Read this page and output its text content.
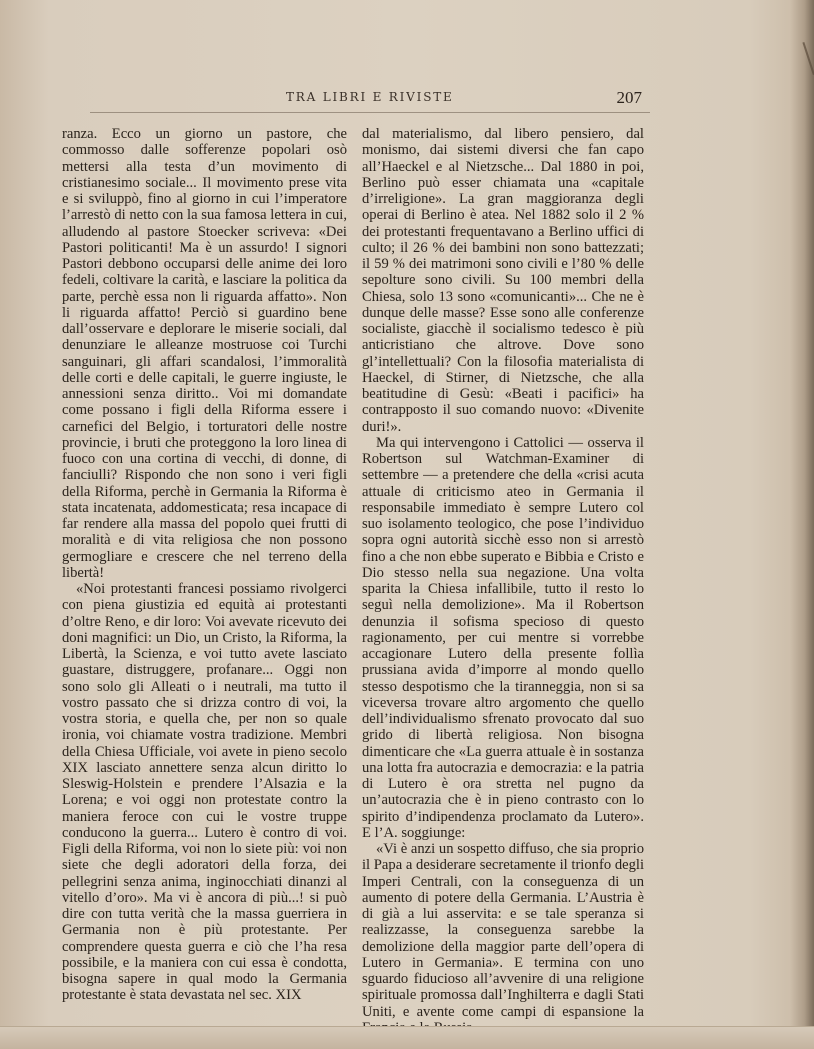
TRA LIBRI E RIVISTE	207

ranza. Ecco un giorno un pastore, che commosso dalle sofferenze popolari osò mettersi alla testa d’un movimento di cristianesimo sociale... Il movimento prese vita e si sviluppò, fino al giorno in cui l’imperatore l’arrestò di netto con la sua famosa lettera in cui, alludendo al pastore Stoecker scriveva: «Dei Pastori politicanti! Ma è un assurdo! I signori Pastori debbono occuparsi delle anime dei loro fedeli, coltivare la carità, e lasciare la politica da parte, perchè essa non li riguarda affatto». Non li riguarda affatto! Perciò si guardino bene dall’osservare e deplorare le miserie sociali, dal denunziare le alleanze mostruose coi Turchi sanguinari, gli affari scandalosi, l’immoralità delle corti e delle capitali, le guerre ingiuste, le annessioni senza diritto.. Voi mi domandate come possano i figli della Riforma essere i carnefici del Belgio, i torturatori delle nostre provincie, i bruti che proteggono la loro linea di fuoco con una cortina di vecchi, di donne, di fanciulli? Rispondo che non sono i veri figli della Riforma, perchè in Germania la Riforma è stata incatenata, addomesticata; resa incapace di far rendere alla massa del popolo quei frutti di moralità e di vita religiosa che non possono germogliare e crescere che nel terreno della libertà!

«Noi protestanti francesi possiamo rivolgerci con piena giustizia ed equità ai protestanti d’oltre Reno, e dir loro: Voi avevate ricevuto dei doni magnifici: un Dio, un Cristo, la Riforma, la Libertà, la Scienza, e voi tutto avete lasciato guastare, distruggere, profanare... Oggi non sono solo gli Alleati o i neutrali, ma tutto il vostro passato che si drizza contro di voi, la vostra storia, e quella che, per non so quale ironia, voi chiamate vostra tradizione. Membri della Chiesa Ufficiale, voi avete in pieno secolo XIX lasciato annettere senza alcun diritto lo Sleswig-Holstein e prendere l’Alsazia e la Lorena; e voi oggi non protestate contro la maniera feroce con cui le vostre truppe conducono la guerra... Lutero è contro di voi. Figli della Riforma, voi non lo siete più: voi non siete che degli adoratori della forza, dei pellegrini senza anima, inginocchiati dinanzi al vitello d’oro». Ma vi è ancora di più...! si può dire con tutta verità che la massa guerriera in Germania non è più protestante. Per comprendere questa guerra e ciò che l’ha resa possibile, e la maniera con cui essa è condotta, bisogna sapere in qual modo la Germania protestante è stata devastata nel sec. XIX

dal materialismo, dal libero pensiero, dal monismo, dai sistemi diversi che fan capo all’Haeckel e al Nietzsche... Dal 1880 in poi, Berlino può esser chiamata una «capitale d’irreligione». La gran maggioranza degli operai di Berlino è atea. Nel 1882 solo il 2 % dei protestanti frequentavano a Berlino uffici di culto; il 26 % dei bambini non sono battezzati; il 59 % dei matrimoni sono civili e l’80 % delle sepolture sono civili. Su 100 membri della Chiesa, solo 13 sono «comunicanti»... Che ne è dunque delle masse? Esse sono alle conferenze socialiste, giacchè il socialismo tedesco è più anticristiano che altrove. Dove sono gl’intellettuali? Con la filosofia materialista di Haeckel, di Stirner, di Nietzsche, che alla beatitudine di Gesù: «Beati i pacifici» ha contrapposto il suo comando nuovo: «Divenite duri!».

Ma qui intervengono i Cattolici — osserva il Robertson sul Watchman-Examiner di settembre — a pretendere che della «crisi acuta attuale di criticismo ateo in Germania il responsabile immediato è sempre Lutero col suo isolamento teologico, che pose l’individuo sopra ogni autorità sicchè esso non si arrestò fino a che non ebbe superato e Bibbia e Cristo e Dio stesso nella sua negazione. Una volta sparita la Chiesa infallibile, tutto il resto lo seguì nella demolizione». Ma il Robertson denunzia il sofisma specioso di questo ragionamento, per cui mentre si vorrebbe accagionare Lutero della presente follìa prussiana avida d’imporre al mondo quello stesso despotismo che la tiranneggia, non si sa viceversa trovare altro argomento che quello dell’individualismo sfrenato provocato dal suo grido di libertà religiosa. Non bisogna dimenticare che «La guerra attuale è in sostanza una lotta fra autocrazia e democrazia: e la patria di Lutero è ora stretta nel pugno da un’autocrazia che è in pieno contrasto con lo spirito d’indipendenza proclamato da Lutero». E l’A. soggiunge:

«Vi è anzi un sospetto diffuso, che sia proprio il Papa a desiderare secretamente il trionfo degli Imperi Centrali, con la conseguenza di un aumento di potere della Germania. L’Austria è di già a lui asservita: e se tale speranza si realizzasse, la conseguenza sarebbe la demolizione della maggior parte dell’opera di Lutero in Germania». E termina con uno sguardo fiducioso all’avvenire di una religione spirituale promossa dall’Inghilterra e dagli Stati Uniti, e avente come campi di espansione la
